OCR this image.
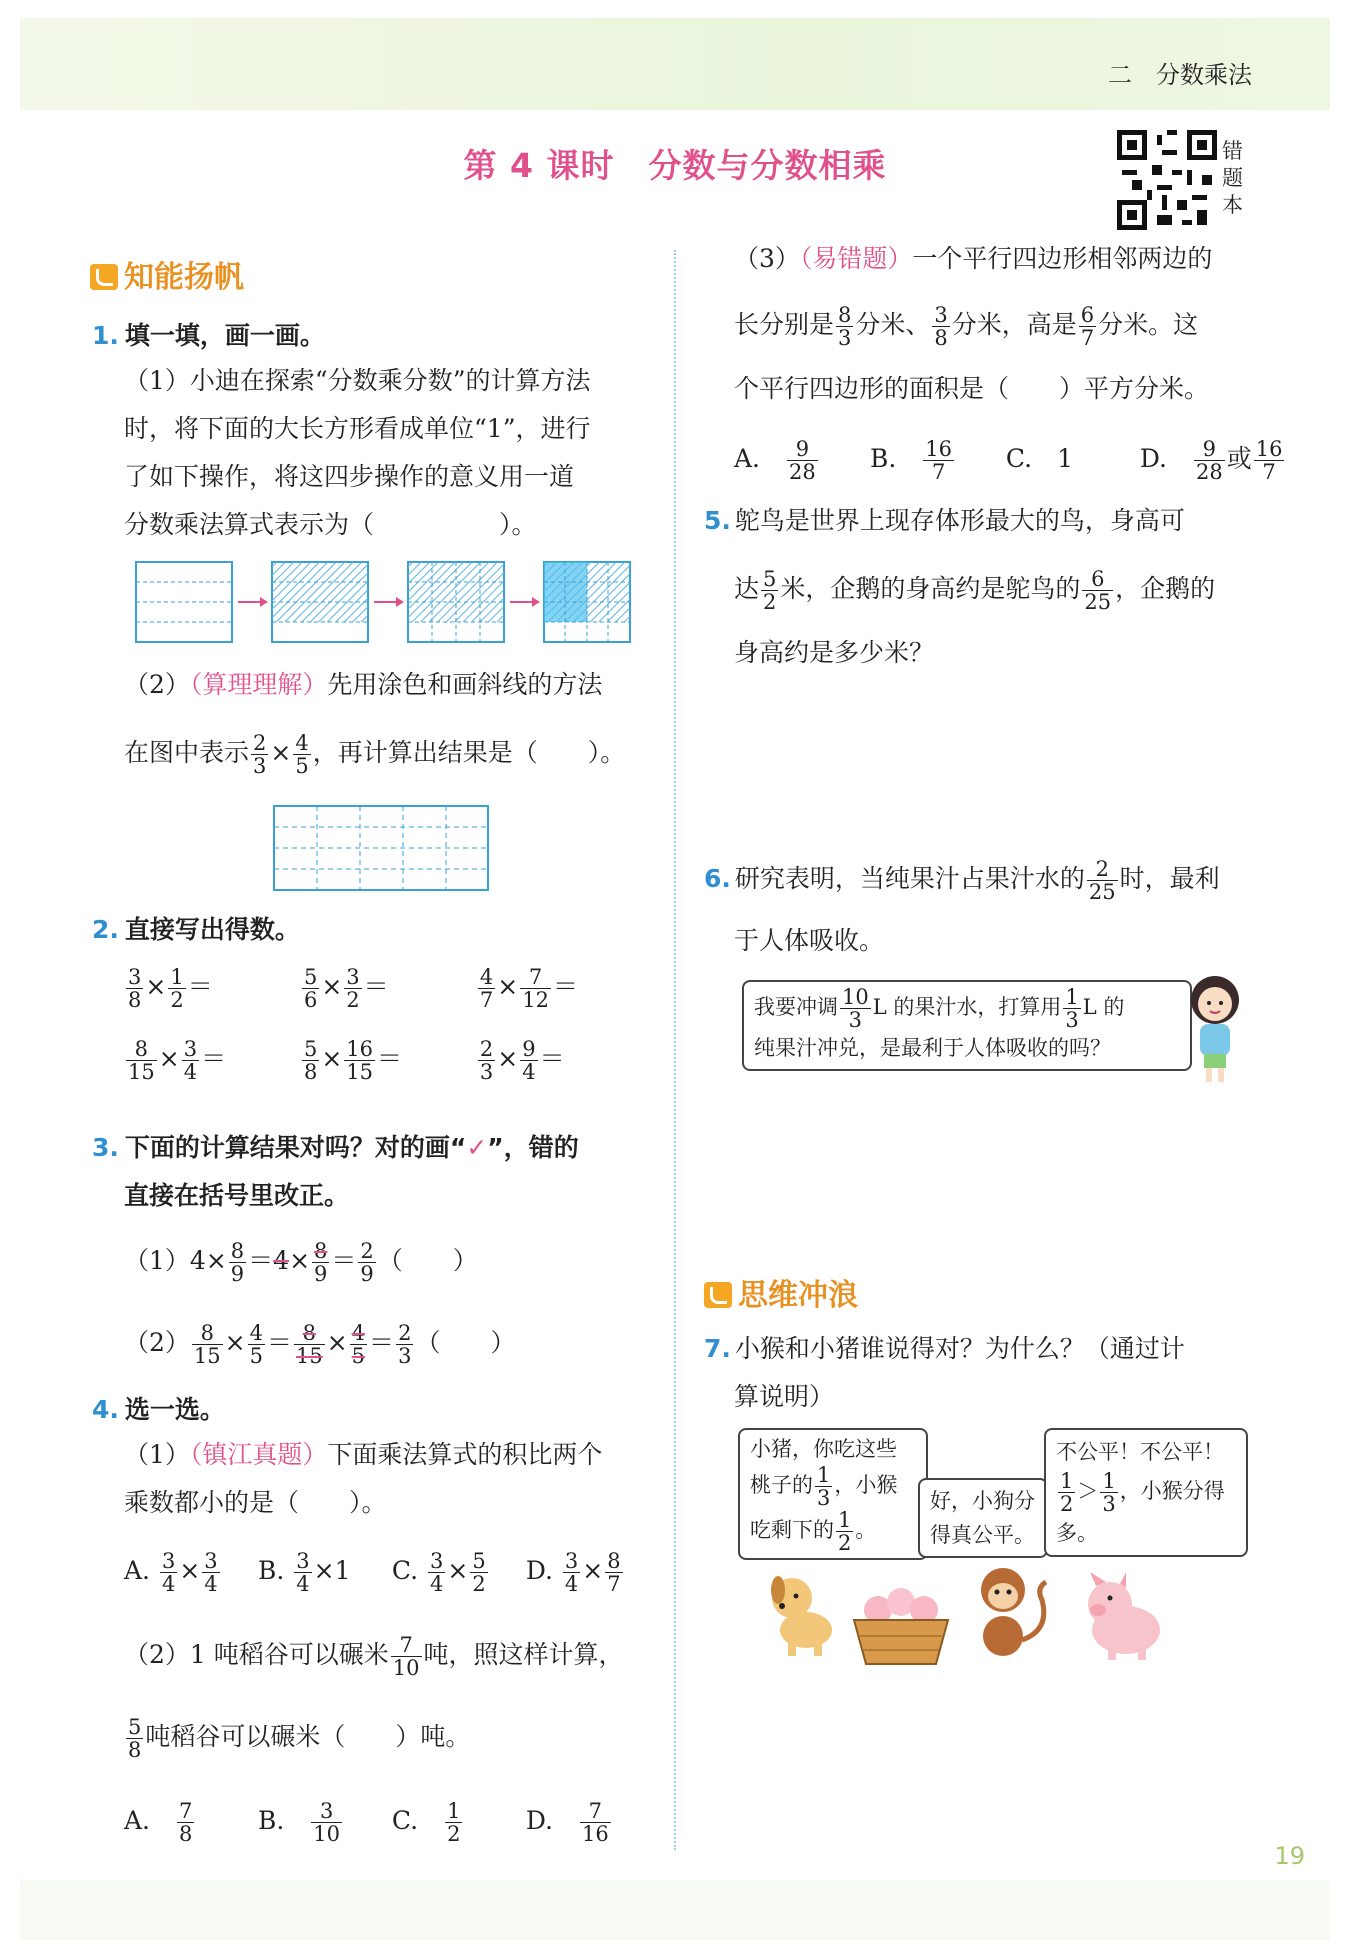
二　分数乘法
第 4 课时　分数与分数相乘	错
题
本
知能扬帆
1. 填一填，画一画。
（1）小迪在探索“分数乘分数”的计算方法
时，将下面的大长方形看成单位“1”，进行
了如下操作，将这四步操作的意义用一道
分数乘法算式表示为（　　　　　）。
（2）（算理理解）先用涂色和画斜线的方法
在图中表示 $\frac{2}{3} \times \frac{4}{5}$ ，再计算出结果是（　　）。
2. 直接写出得数。
$\frac{3}{8} \times \frac{1}{2}$ ＝	$\frac{5}{6} \times \frac{3}{2}$ ＝	$\frac{4}{7} \times \frac{7}{12}$ ＝
$\frac{8}{15} \times \frac{3}{4}$ ＝	$\frac{5}{8} \times \frac{16}{15}$ ＝	$\frac{2}{3} \times \frac{9}{4}$ ＝
3. 下面的计算结果对吗？对的画“✓”，错的
直接在括号里改正。
$(1)4\times \frac{8}{9} =4\times \frac{8}{9} = \frac{2}{9}$ （　　）
$(2) \frac{8}{15} \times \frac{4}{5} = \frac{8}{15} \times \frac{4}{5} = \frac{2}{3}$ （　　）
4. 选一选。
（1）（镇江真题）下面乘法算式的积比两个
乘数都小的是（　　）。
A. $\frac{3}{4} \times \frac{3}{4} B$. $\frac{3}{4} \times 1$ C. $\frac{3}{4} \times \frac{5}{2} D$. $\frac{3}{4} \times \frac{8}{7}$
（2）1 吨稻谷可以碾米 $\frac{7}{10}$ 吨，照这样计算，
$\frac{5}{8}$ 吨稻谷可以碾米（　　）吨。
A.　 $\frac{7}{8}$	B.　 $\frac{3}{10} C$.　 $\frac{1}{2}$	D.　 $\frac{7}{16}$
（3）（易错题）一个平行四边形相邻两边的
长分别是 $\frac{8}{3}$ 分米、 $\frac{3}{8}$ 分米，高是 $\frac{6}{7}$ 分米。这
个平行四边形的面积是（　　）平方分米。
A.　 $\frac{9}{28} B$.　 $\frac{16}{7} C$.　 1	D.　 $\frac{9}{28}$ 或 $\frac{16}{7}$
5. 鸵鸟是世界上现存体形最大的鸟，身高可
达 $\frac{5}{2}$ 米，企鹅的身高约是鸵鸟的 $\frac{6}{25}$ ，企鹅的
身高约是多少米？
6. 研究表明，当纯果汁占果汁水的 $\frac{2}{25}$ 时，最利
于人体吸收。
我要冲调 $\frac{10}{3}$ L 的果汁水，打算用 $\frac{1}{3}$ L 的
纯果汁冲兑，是最利于人体吸收的吗？
思维冲浪
7. 小猴和小猪谁说得对？为什么？（通过计
算说明）
小猪，你吃这些
桃子的 $\frac{1}{3}$ ，小猴
吃剩下的 $\frac{1}{2}$ 。
好，小狗分
得真公平。
不公平！不公平！
$\frac{1}{2} > \frac{1}{3}$ ，小猴分得
多。
19
